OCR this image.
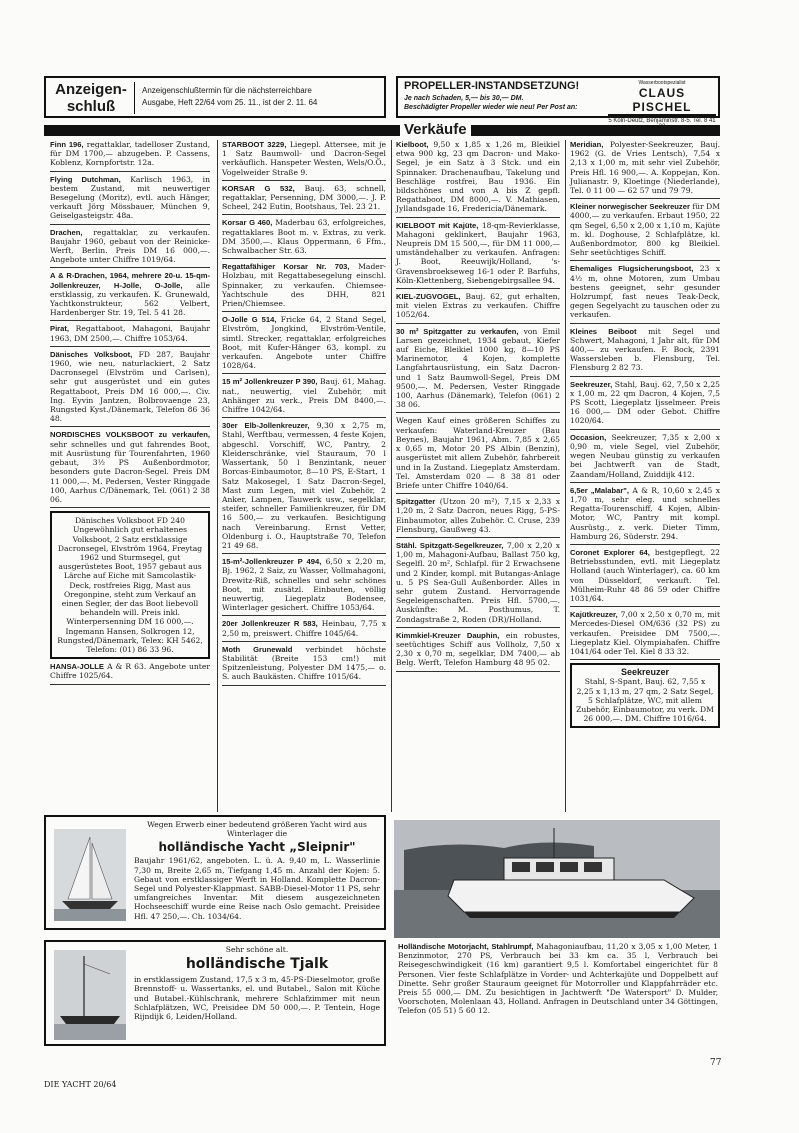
Anzeigen-
schluß
Anzeigenschlußtermin für die nächsterreichbare
Ausgabe, Heft 22/64 vom 25. 11., ist der 2. 11. 64
PROPELLER-INSTANDSETZUNG!
Je nach Schaden, 5,— bis 30,— DM.
Beschädigter Propeller wieder wie neu! Per Post an:
Wasserbootspezialist
CLAUS PISCHEL
5 Köln-Deutz, Benjaminstr. 8-5. Tel. 8 41
Verkäufe
Finn 196, regattaklar, tadelloser Zustand, für DM 1700,— abzugeben. P. Cassens, Koblenz, Kornpfortstr. 12a.
Flying Dutchman, Karlisch 1963, in bestem Zustand, mit neuwertiger Besegelung (Moritz), evtl. auch Hänger, verkauft Jörg Mössbauer, München 9, Geiselgasteigstr. 48a.
Drachen, regattaklar, zu verkaufen. Baujahr 1960, gebaut von der Reinicke-Werft, Berlin. Preis DM 16 000,—. Angebote unter Chiffre 1019/64.
A & R-Drachen, 1964, mehrere 20-u. 15-qm-Jollenkreuzer, H-Jolle, O-Jolle, alle erstklassig, zu verkaufen. K. Grunewald, Yachtkonstrukteur, 562 Velbert, Hardenberger Str. 19, Tel. 5 41 28.
Pirat, Regattaboot, Mahagoni, Baujahr 1963, DM 2500,—. Chiffre 1053/64.
Dänisches Volksboot, FD 287, Baujahr 1960, wie neu, naturlackiert, 2 Satz Dacronsegel (Elvström und Carlsen), sehr gut ausgerüstet und ein gutes Regattaboot, Preis DM 16 000,—. Civ. Ing. Eyvin Jantzen, Bolbrovaenge 23, Rungsted Kyst./Dänemark, Telefon 86 36 48.
NORDISCHES VOLKSBOOT zu verkaufen, sehr schnelles und gut fahrendes Boot, mit Ausrüstung für Tourenfahrten, 1960 gebaut, 3½ PS Außenbordmotor, besonders gute Dacron-Segel. Preis DM 11 000,—. M. Pedersen, Vester Ringgade 100, Aarhus C/Dänemark, Tel. (061) 2 38 06.
Dänisches Volksboot FD 240 Ungewöhnlich gut erhaltenes Volksboot, 2 Satz erstklassige Dacronsegel, Elvström 1964, Freytag 1962 und Sturmsegel, gut ausgerüstetes Boot, 1957 gebaut aus Lärche auf Eiche mit Samcolastik-Deck, rostfreies Rigg, Mast aus Oregonpine, steht zum Verkauf an einen Segler, der das Boot liebevoll behandeln will. Preis inkl. Winterpersenning DM 16 000,—. Ingemann Hansen, Solkrogen 12, Rungsted/Dänemark, Telex: KH 5462, Telefon: (01) 86 33 96.
HANSA-JOLLE A & R 63. Angebote unter Chiffre 1025/64.
STARBOOT 3229, Liegepl. Attersee, mit je 1 Satz Baumwoll- und Dacron-Segel verkäuflich. Hanspeter Westen, Wels/O.Ö., Vogelweider Straße 9.
KORSAR G 532, Bauj. 63, schnell, regattaklar, Persenning, DM 3000,—. J. P. Scheel, 242 Eutin, Bootshaus, Tel. 23 21.
Korsar G 460, Maderbau 63, erfolgreiches, regattaklares Boot m. v. Extras, zu verk. DM 3500,—. Klaus Oppermann, 6 Ffm., Schwalbacher Str. 63.
Regattafähiger Korsar Nr. 703, Mader-Holzbau, mit Regattabesegelung einschl. Spinnaker, zu verkaufen. Chiemsee-Yachtschule des DHH, 821 Prien/Chiemsee.
O-Jolle G 514, Fricke 64, 2 Stand Segel, Elvström, Jongkind, Elvström-Ventile, simtl. Strecker, regattaklar, erfolgreiches Boot, mit Kufer-Hänger 63, kompl. zu verkaufen. Angebote unter Chiffre 1028/64.
15 m² Jollenkreuzer P 390, Bauj. 61, Mahag. nat., neuwertig, viel Zubehör, mit Anhänger zu verk., Preis DM 8400,—. Chiffre 1042/64.
30er Elb-Jollenkreuzer, 9,30 x 2,75 m, Stahl, Werftbau, vermessen, 4 feste Kojen, abgeschl. Vorschiff, WC, Pantry, 2 Kleiderschränke, viel Stauraum, 70 l Wassertank, 50 l Benzintank, neuer Borcas-Einbaumotor, 8—10 PS, E-Start, 1 Satz Makosegel, 1 Satz Dacron-Segel, Mast zum Legen, mit viel Zubehör, 2 Anker, Lampen, Tauwerk usw., segelklar, steifer, schneller Familienkreuzer, für DM 16 500,— zu verkaufen. Besichtigung nach Vereinbarung. Ernst Vetter, Oldenburg i. O., Hauptstraße 70, Telefon 21 49 68.
15-m²-Jollenkreuzer P 494, 6,50 x 2,20 m, Bj. 1962, 2 Saiz, zu Wasser, Vollmahagoni, Drewitz-Riß, schnelles und sehr schönes Boot, mit zusätzl. Einbauten, völlig neuwertig, Liegeplatz Bodensee, Winterlager gesichert. Chiffre 1053/64.
20er Jollenkreuzer R 583, Heinbau, 7,75 x 2,50 m, preiswert. Chiffre 1045/64.
Moth Grunewald verbindet höchste Stabilität (Breite 153 cm!) mit Spitzenleistung, Polyester DM 1475,— o. S. auch Baukästen. Chiffre 1015/64.
Kielboot, 9,50 x 1,85 x 1,26 m, Bleikiel etwa 900 kg, 23 qm Dacron- und Mako-Segel, je ein Satz à 3 Stck. und ein Spinnaker. Drachenaufbau, Takelung und Beschläge rostfrei, Bau 1936. Ein bildschönes und von A bis Z gepfl. Regattaboot, DM 8000,—. V. Mathiasen, Jyllandsgade 16, Fredericia/Dänemark.
KIELBOOT mit Kajüte, 18-qm-Revierklasse, Mahagoni geklinkert, Baujahr 1963, Neupreis DM 15 500,—, für DM 11 000,— umständehalber zu verkaufen. Anfragen: J. Boot, Reeuwijk/Holland, 's-Gravensbroekseweg 16-1 oder P. Barfuhs, Köln-Klettenberg, Siebengebirgsallee 94.
KIEL-ZUGVOGEL, Bauj. 62, gut erhalten, mit vielen Extras zu verkaufen. Chiffre 1052/64.
30 m² Spitzgatter zu verkaufen, von Emil Larsen gezeichnet, 1934 gebaut, Kiefer auf Eiche, Bleikiel 1000 kg, 8—10 PS Marinemotor, 4 Kojen, komplette Langfahrtausrüstung, ein Satz Dacron- und 1 Satz Baumwoll-Segel, Preis DM 9500,—. M. Pedersen, Vester Ringgade 100, Aarhus (Dänemark), Telefon (061) 2 38 06.
Wegen Kauf eines größeren Schiffes zu verkaufen: Waterland-Kreuzer (Bau Beynes), Baujahr 1961, Abm. 7,85 x 2,65 x 0,65 m, Motor 20 PS Albin (Benzin), ausgerüstet mit allem Zubehör, fahrbereit und in Ia Zustand. Liegeplatz Amsterdam. Tel. Amsterdam 020 — 8 38 81 oder Briefe unter Chiffre 1040/64.
Spitzgatter (Utzon 20 m²), 7,15 x 2,33 x 1,20 m, 2 Satz Dacron, neues Rigg, 5-PS-Einbaumotor, alles Zubehör. C. Cruse, 239 Flensburg, Gaußweg 43.
Stähl. Spitzgatt-Segelkreuzer, 7,00 x 2,20 x 1,00 m, Mahagoni-Aufbau, Ballast 750 kg, Segelfl. 20 m², Schlafpl. für 2 Erwachsene und 2 Kinder, kompl. mit Butangas-Anlage u. 5 PS Sea-Gull Außenborder. Alles in sehr gutem Zustand. Hervorragende Segeleigenschaften. Preis Hfl. 5700,—. Auskünfte: M. Posthumus, T. Zondagstraße 2, Roden (DR)/Holland.
Kimmkiel-Kreuzer Dauphin, ein robustes, seetüchtiges Schiff aus Vollholz, 7,50 x 2,30 x 0,70 m, segelklar, DM 7400,— ab Belg. Werft, Telefon Hamburg 48 95 02.
Meridian, Polyester-Seekreuzer, Bauj. 1962 (G. de Vries Lentsch), 7,54 x 2,13 x 1,00 m, mit sehr viel Zubehör, Preis Hfl. 16 900,—. A. Koppejan, Kon. Julianastr. 9, Kloetinge (Niederlande), Tel. 0 11 00 — 62 57 und 79 79.
Kleiner norwegischer Seekreuzer für DM 4000,— zu verkaufen. Erbaut 1950, 22 qm Segel, 6,50 x 2,00 x 1,10 m, Kajüte m. kl. Doghouse, 2 Schlafplätze, kl. Außenbordmotor, 800 kg Bleikiel. Sehr seetüchtiges Schiff.
Ehemaliges Flugsicherungsboot, 23 x 4½ m, ohne Motoren, zum Umbau bestens geeignet, sehr gesunder Holzrumpf, fast neues Teak-Deck, gegen Segelyacht zu tauschen oder zu verkaufen.
Kleines Beiboot mit Segel und Schwert, Mahagoni, 1 Jahr alt, für DM 400,— zu verkaufen. F. Bock, 2391 Wassersleben b. Flensburg, Tel. Flensburg 2 82 73.
Seekreuzer, Stahl, Bauj. 62, 7,50 x 2,25 x 1,00 m, 22 qm Dacron, 4 Kojen, 7,5 PS Scott, Liegeplatz Ijsselmeer. Preis 16 000,— DM oder Gebot. Chiffre 1020/64.
Occasion, Seekreuzer, 7,35 x 2,00 x 0,90 m, viele Segel, viel Zubehör, wegen Neubau günstig zu verkaufen bei Jachtwerft van de Stadt, Zaandam/Holland, Zuiddijk 412.
6,5er „Malabar", A & R, 10,60 x 2,45 x 1,70 m, sehr eleg. und schnelles Regatta-Tourenschiff, 4 Kojen, Albin-Motor, WC, Pantry mit kompl. Ausrüstg., z. verk. Dieter Timm, Hamburg 26, Süderstr. 294.
Coronet Explorer 64, bestgepflegt, 22 Betriebsstunden, evtl. mit Liegeplatz Holland (auch Winterlager), ca. 60 km von Düsseldorf, verkauft. Tel. Mülheim-Ruhr 48 86 59 oder Chiffre 1031/64.
Kajütkreuzer, 7,00 x 2,50 x 0,70 m, mit Mercedes-Diesel OM/636 (32 PS) zu verkaufen. Preisidee DM 7500,—. Liegeplatz Kiel. Olympiahafen. Chiffre 1041/64 oder Tel. Kiel 8 33 32.
Seekreuzer
Stahl, S-Spant, Bauj. 62, 7,55 x 2,25 x 1,13 m, 27 qm, 2 Satz Segel, 5 Schlafplätze, WC, mit allem Zubehör, Einbaumotor, zu verk. DM 26 000,—. DM. Chiffre 1016/64.
Wegen Erwerb einer bedeutend größeren Yacht wird aus Winterlager die
holländische Yacht „Sleipnir"
Baujahr 1961/62, angeboten. L. ü. A. 9,40 m, L. Wasserlinie 7,30 m, Breite 2,65 m, Tiefgang 1,45 m. Anzahl der Kojen: 5. Gebaut von erstklassiger Werft in Holland. Komplette Dacron-Segel und Polyester-Klappmast. SABB-Diesel-Motor 11 PS, sehr umfangreiches Inventar. Mit diesem ausgezeichneten Hochseeschiff wurde eine Reise nach Oslo gemacht. Preisidee Hfl. 47 250,—. Ch. 1034/64.
Sehr schöne alt.
holländische Tjalk
in erstklassigem Zustand, 17,5 x 3 m, 45-PS-Dieselmotor, große Brennstoff- u. Wassertanks, el. und Butabel., Salon mit Küche und Butabel.-Kühlschrank, mehrere Schlafzimmer mit neun Schlafplätzen, WC, Preisidee DM 50 000,—. P. Tentein, Hoge Rijndijk 6, Leiden/Holland.
Holländische Motorjacht, Stahlrumpf, Mahagoniaufbau, 11,20 x 3,05 x 1,00 Meter, 1 Benzinmotor, 270 PS, Verbrauch bei 33 km ca. 35 l, Verbrauch bei Reisegeschwindigkeit (16 km) garantiert 9,5 l. Komfortabel eingerichtet für 8 Personen. Vier feste Schlafplätze in Vorder- und Achterkajüte und Doppelbett auf Dinette. Sehr großer Stauraum geeignet für Motorroller und Klappfahrräder etc. Preis 55 000,— DM. Zu besichtigen in Jachtwerft "De Watersport" D. Mulder, Voorschoten, Molenlaan 43, Holland. Anfragen in Deutschland unter 34 Göttingen, Telefon (05 51) 5 60 12.
DIE YACHT 20/64
77
